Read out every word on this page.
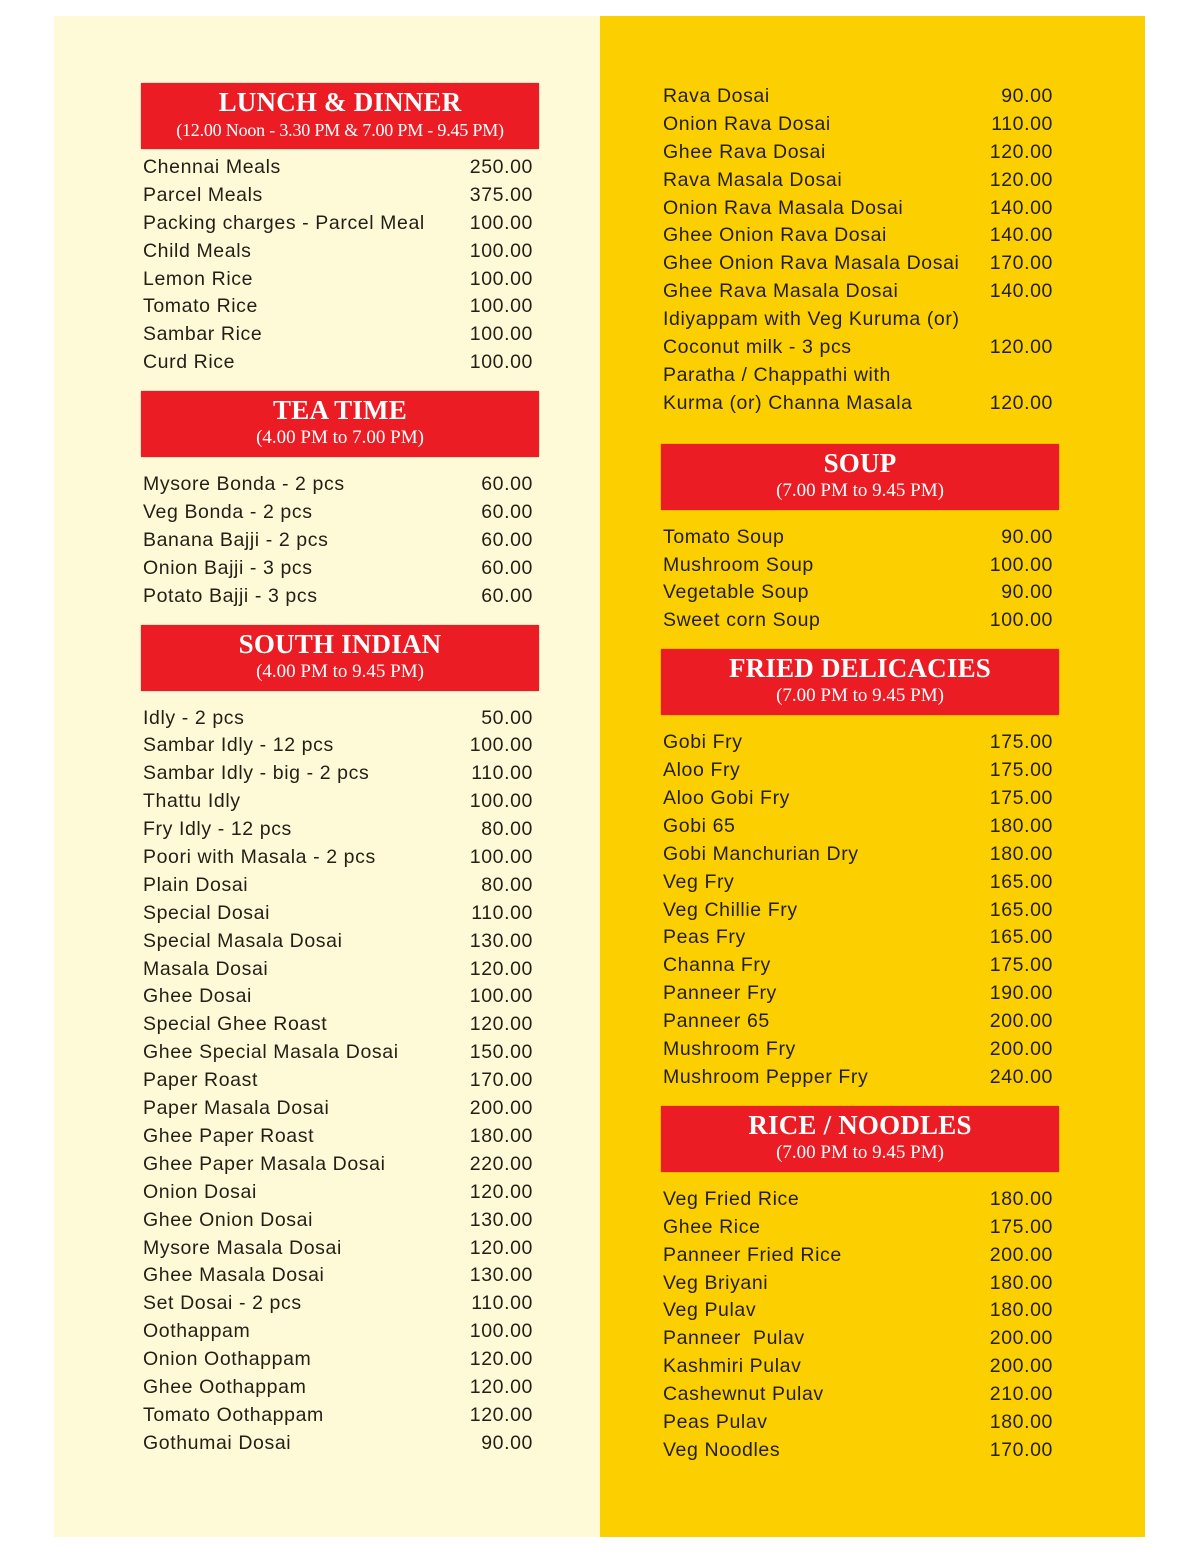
LUNCH & DINNER
(12.00 Noon - 3.30 PM & 7.00 PM - 9.45 PM)
Chennai Meals	250.00
Parcel Meals	375.00
Packing charges - Parcel Meal 100.00
Child Meals	100.00
Lemon Rice	100.00
Tomato Rice	100.00
Sambar Rice	100.00
Curd Rice	100.00
TEA TIME
(4.00 PM to 7.00 PM)
Mysore Bonda - 2 pcs	60.00
Veg Bonda - 2 pcs	60.00
Banana Bajji - 2 pcs	60.00
Onion Bajji - 3 pcs	60.00
Potato Bajji - 3 pcs	60.00
SOUTH INDIAN
(4.00 PM to 9.45 PM)
Idly - 2 pcs	50.00
Sambar Idly - 12 pcs	100.00
Sambar Idly - big - 2 pcs	110.00
Thattu Idly	100.00
Fry Idly - 12 pcs	80.00
Poori with Masala - 2 pcs	100.00
Plain Dosai	80.00
Special Dosai	110.00
Special Masala Dosai	130.00
Masala Dosai	120.00
Ghee Dosai	100.00
Special Ghee Roast	120.00
Ghee Special Masala Dosai	150.00
Paper Roast	170.00
Paper Masala Dosai	200.00
Ghee Paper Roast	180.00
Ghee Paper Masala Dosai	220.00
Onion Dosai	120.00
Ghee Onion Dosai	130.00
Mysore Masala Dosai	120.00
Ghee Masala Dosai	130.00
Set Dosai - 2 pcs	110.00
Oothappam	100.00
Onion Oothappam	120.00
Ghee Oothappam	120.00
Tomato Oothappam	120.00
Gothumai Dosai	90.00
Rava Dosai	90.00
Onion Rava Dosai	110.00
Ghee Rava Dosai	120.00
Rava Masala Dosai	120.00
Onion Rava Masala Dosai	140.00
Ghee Onion Rava Dosai	140.00
Ghee Onion Rava Masala Dosai 170.00
Ghee Rava Masala Dosai	140.00
Idiyappam with Veg Kuruma (or)
Coconut milk - 3 pcs	120.00
Paratha / Chappathi with
Kurma (or) Channa Masala	120.00
SOUP
(7.00 PM to 9.45 PM)
Tomato Soup	90.00
Mushroom Soup	100.00
Vegetable Soup	90.00
Sweet corn Soup	100.00
FRIED DELICACIES
(7.00 PM to 9.45 PM)
Gobi Fry	175.00
Aloo Fry	175.00
Aloo Gobi Fry	175.00
Gobi 65	180.00
Gobi Manchurian Dry	180.00
Veg Fry	165.00
Veg Chillie Fry	165.00
Peas Fry	165.00
Channa Fry	175.00
Panneer Fry	190.00
Panneer 65	200.00
Mushroom Fry	200.00
Mushroom Pepper Fry	240.00
RICE / NOODLES
(7.00 PM to 9.45 PM)
Veg Fried Rice	180.00
Ghee Rice	175.00
Panneer Fried Rice	200.00
Veg Briyani	180.00
Veg Pulav	180.00
Panneer  Pulav	200.00
Kashmiri Pulav	200.00
Cashewnut Pulav	210.00
Peas Pulav	180.00
Veg Noodles	170.00
